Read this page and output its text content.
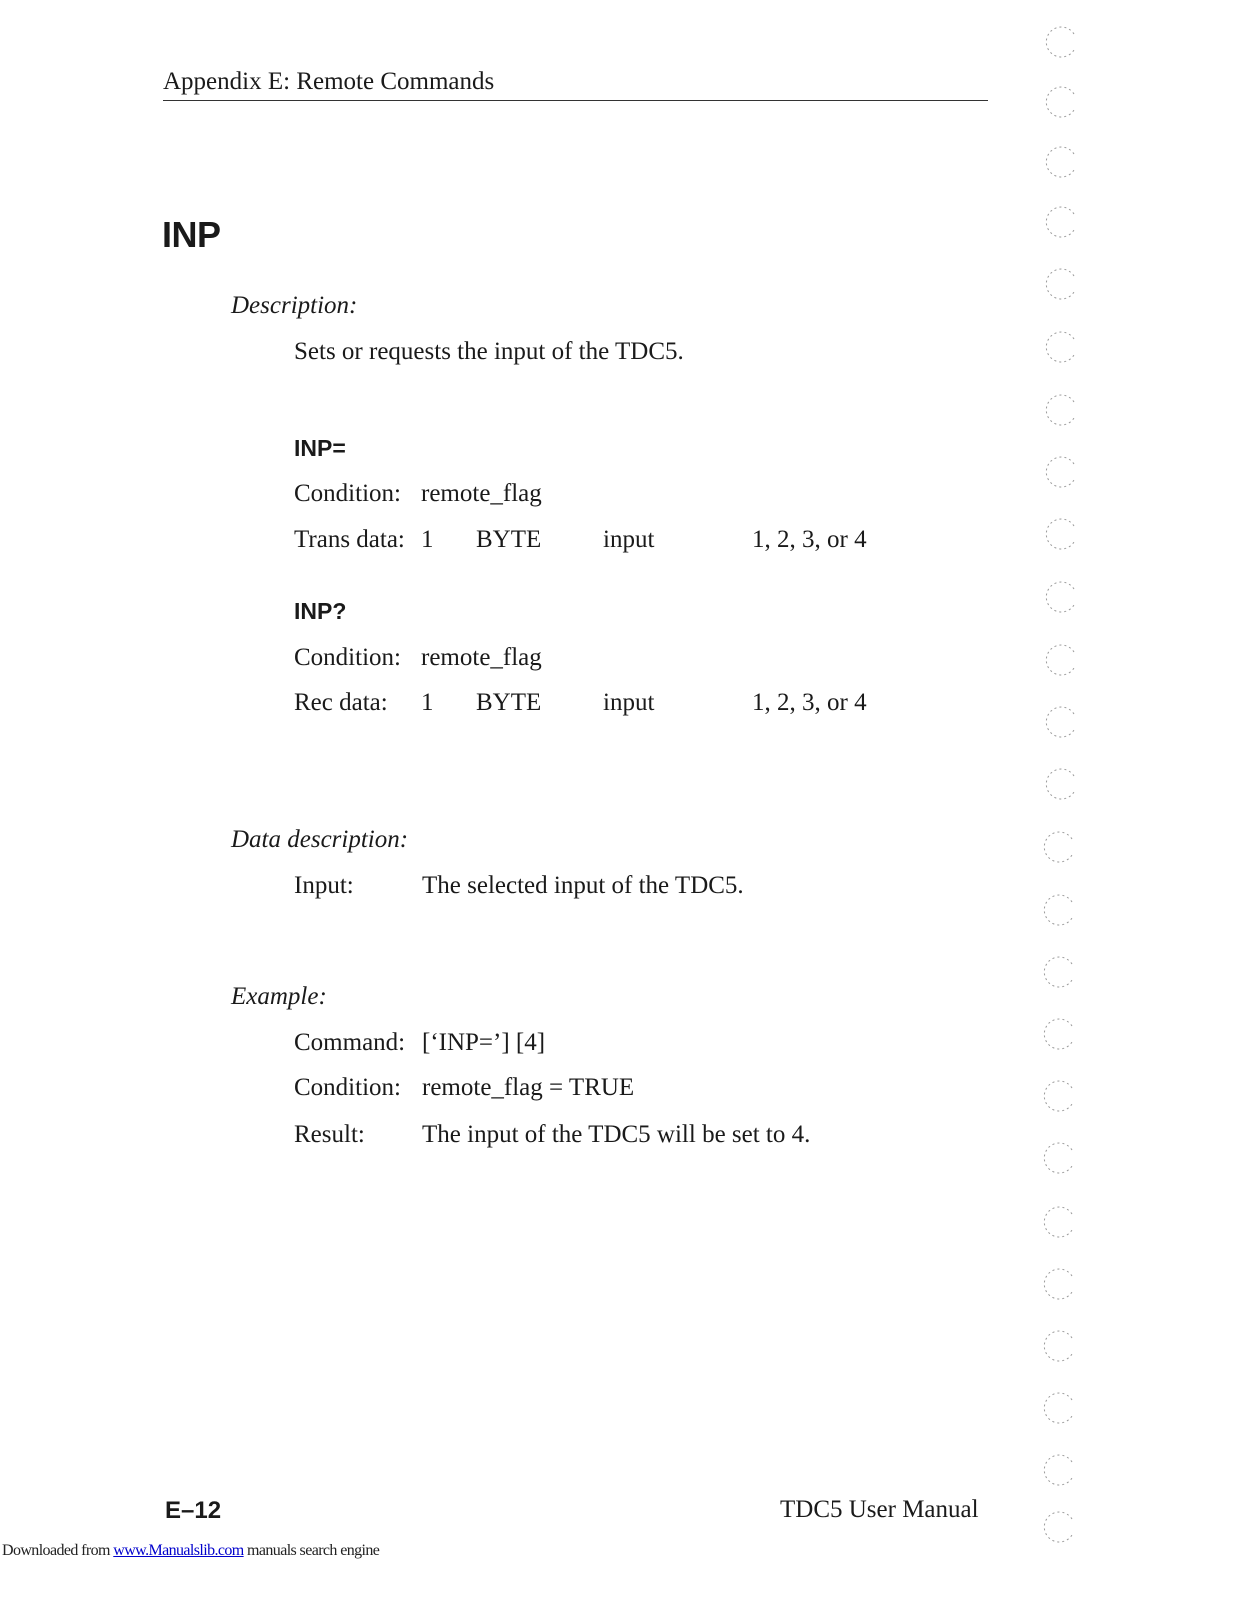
Appendix E: Remote Commands
INP
Description:
Sets or requests the input of the TDC5.
INP=
Condition: remote_flag
Trans data: 1 BYTE input	1, 2, 3, or 4
INP?
Condition: remote_flag
Rec data: 1 BYTE input	1, 2, 3, or 4
Data description:
Input:	The selected input of the TDC5.
Example:
Command: [‘INP=’] [4]
Condition: remote_flag = TRUE
Result: The input of the TDC5 will be set to 4.
E–12	TDC5 User Manual
Downloaded from www.Manualslib.com manuals search engine
